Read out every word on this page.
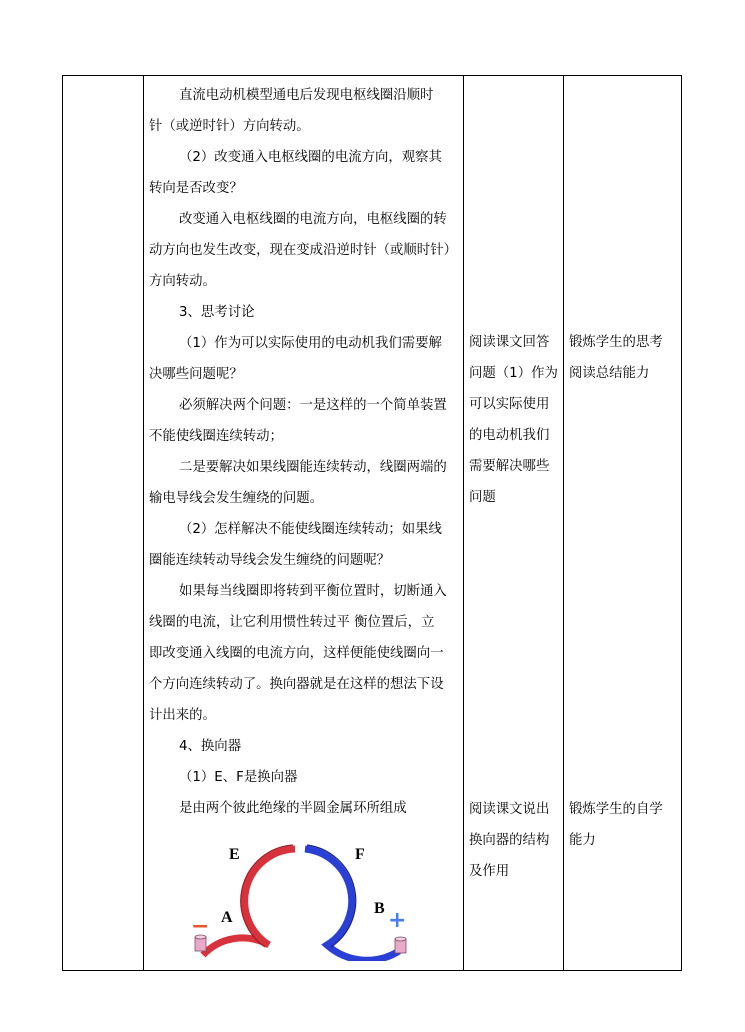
直流电动机模型通电后发现电枢线圈沿顺时
针（或逆时针）方向转动。
（2）改变通入电枢线圈的电流方向，观察其
转向是否改变？
改变通入电枢线圈的电流方向，电枢线圈的转
动方向也发生改变，现在变成沿逆时针（或顺时针）
方向转动。
3、思考讨论
（1）作为可以实际使用的电动机我们需要解
决哪些问题呢？
必须解决两个问题：一是这样的一个简单装置
不能使线圈连续转动；
二是要解决如果线圈能连续转动，线圈两端的
输电导线会发生缠绕的问题。
（2）怎样解决不能使线圈连续转动；如果线
圈能连续转动导线会发生缠绕的问题呢？
如果每当线圈即将转到平衡位置时，切断通入
线圈的电流，让它利用惯性转过平 衡位置后，立
即改变通入线圈的电流方向，这样便能使线圈向一
个方向连续转动了。换向器就是在这样的想法下设
计出来的。
4、换向器
（1）E、F是换向器
是由两个彼此绝缘的半圆金属环所组成
阅读课文回答
问题（1）作为
可以实际使用
的电动机我们
需要解决哪些
问题
锻炼学生的思考
阅读总结能力
阅读课文说出
换向器的结构
及作用
锻炼学生的自学
能力
E	F
A
B
−	+
